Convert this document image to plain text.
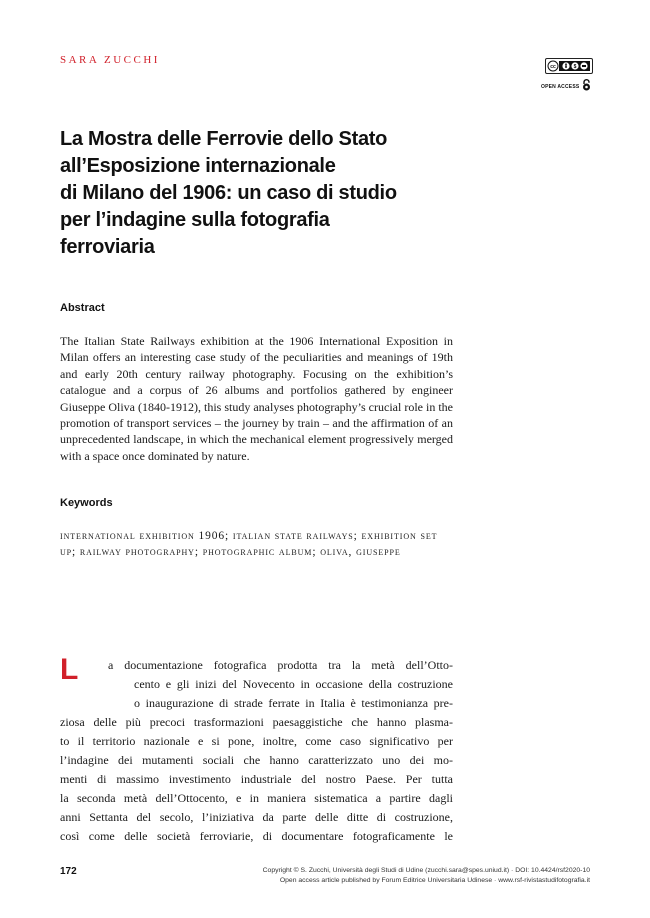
SARA ZUCCHI
cc	$
OPEN ACCESS
La Mostra delle Ferrovie dello Stato
all’Esposizione internazionale
di Milano del 1906: un caso di studio
per l’indagine sulla fotografia
ferroviaria
Abstract

The Italian State Railways exhibition at the 1906 International Exposition in Milan offers an interesting case study of the peculiarities and meanings of 19th and early 20th century railway photography. Focusing on the exhibition’s catalogue and a corpus of 26 albums and portfolios gathered by engineer Giuseppe Oliva (1840-1912), this study analyses photography’s crucial role in the promotion of transport services – the journey by train – and the affirmation of an unprecedented landscape, in which the mechanical element progressively merged with a space once dominated by nature.

Keywords

international exhibition 1906; italian state railways; exhibition set up; railway photography; photographic album; oliva, giuseppe

L a documentazione fotografica prodotta tra la metà dell’Otto-
cento e gli inizi del Novecento in occasione della costruzione
o inaugurazione di strade ferrate in Italia è testimonianza pre-
ziosa delle più precoci trasformazioni paesaggistiche che hanno plasma-
to il territorio nazionale e si pone, inoltre, come caso significativo per
l’indagine dei mutamenti sociali che hanno caratterizzato uno dei mo-
menti di massimo investimento industriale del nostro Paese. Per tutta
la seconda metà dell’Ottocento, e in maniera sistematica a partire dagli
anni Settanta del secolo, l’iniziativa da parte delle ditte di costruzione,
così come delle società ferroviarie, di documentare fotograficamente le
172	Copyright © S. Zucchi, Università degli Studi di Udine (zucchi.sara@spes.uniud.it) · DOI: 10.4424/rsf2020-10
Open access article published by Forum Editrice Universitaria Udinese · www.rsf-rivistastudifotografia.it
